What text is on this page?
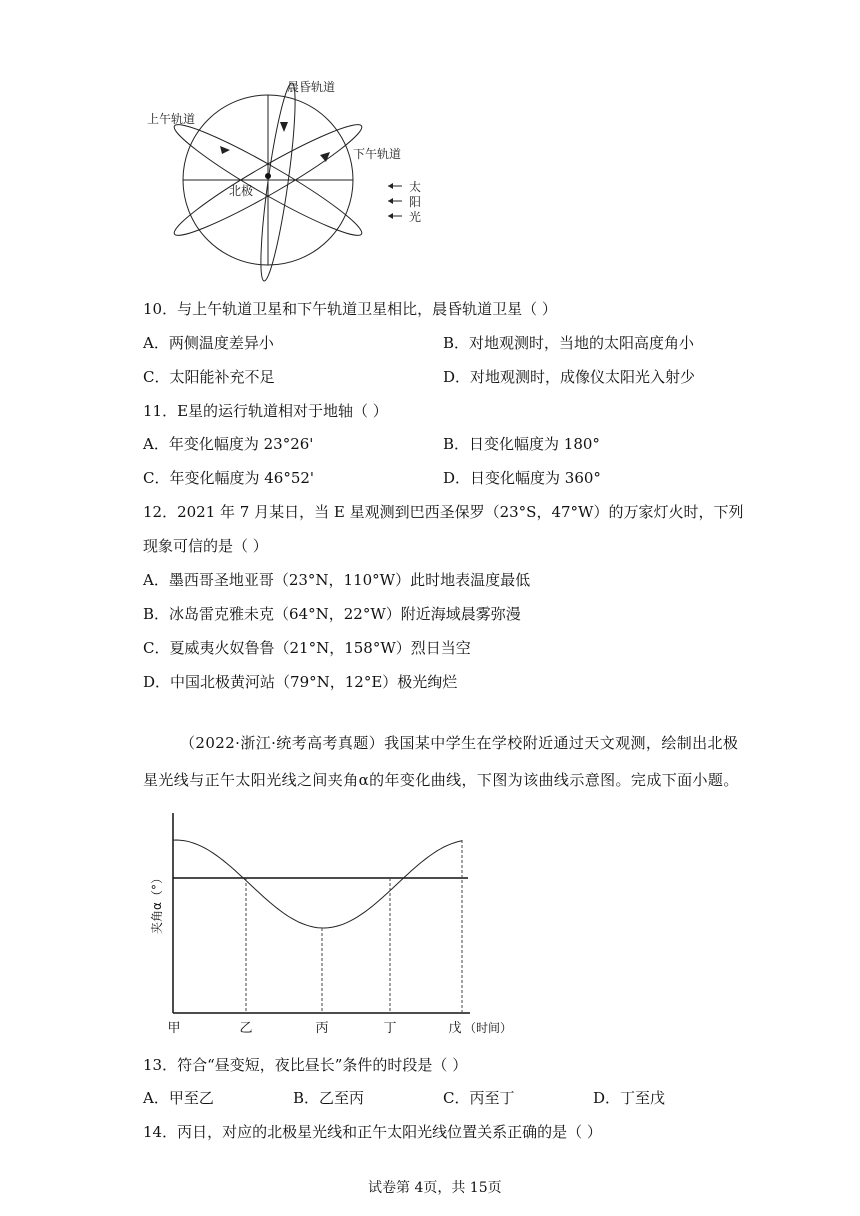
晨昏轨道
上午轨道
下午轨道
北极	太
阳
光
10．与上午轨道卫星和下午轨道卫星相比，晨昏轨道卫星（ ）
A．两侧温度差异小	B．对地观测时，当地的太阳高度角小
C．太阳能补充不足	D．对地观测时，成像仪太阳光入射少
11．E星的运行轨道相对于地轴（ ）
A．年变化幅度为 23°26'	B．日变化幅度为 180°
C．年变化幅度为 46°52'	D．日变化幅度为 360°
12．2021 年 7 月某日，当 E 星观测到巴西圣保罗（23°S，47°W）的万家灯火时，下列
现象可信的是（ ）
A．墨西哥圣地亚哥（23°N，110°W）此时地表温度最低
B．冰岛雷克雅未克（64°N，22°W）附近海域晨雾弥漫
C．夏威夷火奴鲁鲁（21°N，158°W）烈日当空
D．中国北极黄河站（79°N，12°E）极光绚烂
（2022·浙江·统考高考真题）我国某中学生在学校附近通过天文观测，绘制出北极
星光线与正午太阳光线之间夹角α的年变化曲线，下图为该曲线示意图。完成下面小题。
夹角α（°）
甲	乙	丙	丁	戊 （时间）
13．符合“昼变短，夜比昼长”条件的时段是（ ）
A．甲至乙	B．乙至丙	C．丙至丁	D．丁至戊
14．丙日，对应的北极星光线和正午太阳光线位置关系正确的是（ ）
试卷第 4页，共 15页
